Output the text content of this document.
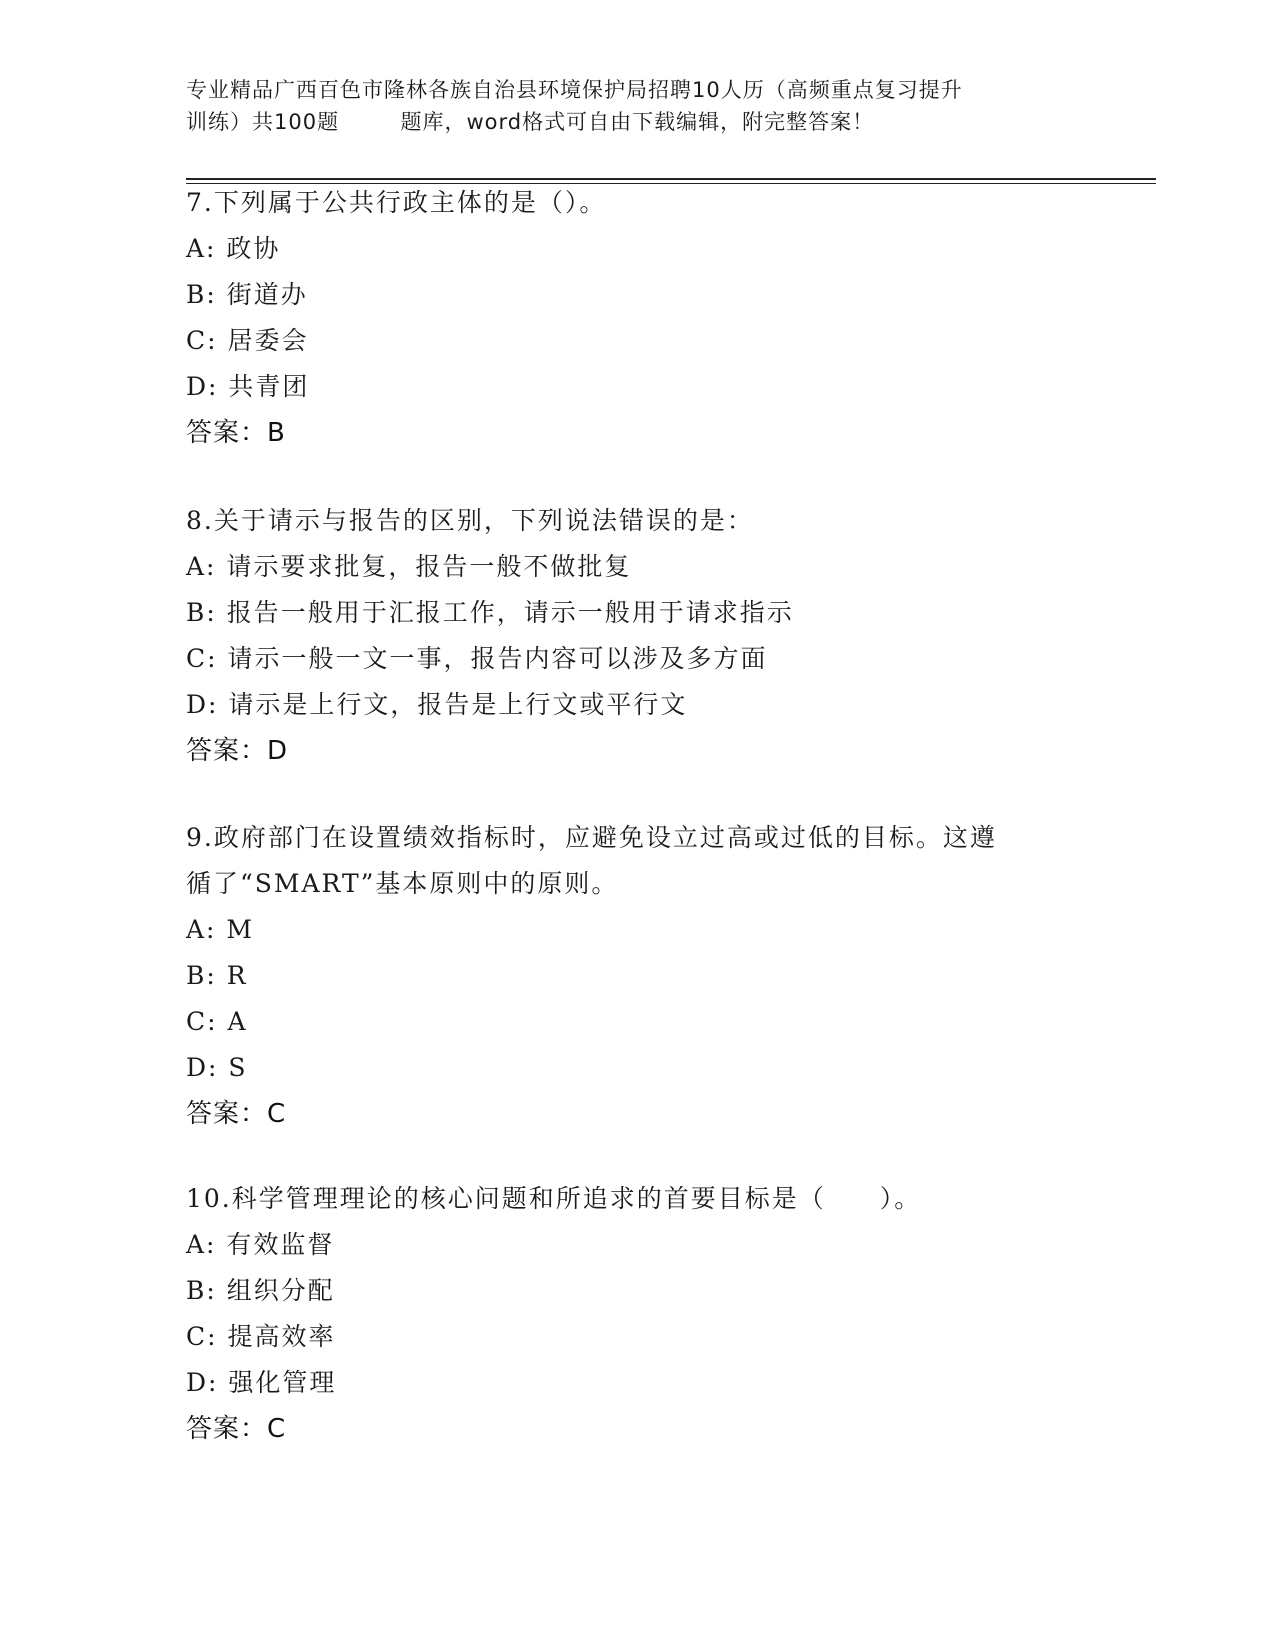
专业精品广西百色市隆林各族自治县环境保护局招聘10人历（高频重点复习提升
训练）共100题        题库，word格式可自由下载编辑，附完整答案！
7.下列属于公共行政主体的是（）。
A: 政协
B: 街道办
C: 居委会
D: 共青团
答案：B
8.关于请示与报告的区别，下列说法错误的是：
A: 请示要求批复，报告一般不做批复
B: 报告一般用于汇报工作，请示一般用于请求指示
C: 请示一般一文一事，报告内容可以涉及多方面
D: 请示是上行文，报告是上行文或平行文
答案：D
9.政府部门在设置绩效指标时，应避免设立过高或过低的目标。这遵
循了“SMART”基本原则中的原则。
A: M
B: R
C: A
D: S
答案：C
10.科学管理理论的核心问题和所追求的首要目标是（　　）。
A: 有效监督
B: 组织分配
C: 提高效率
D: 强化管理
答案：C
